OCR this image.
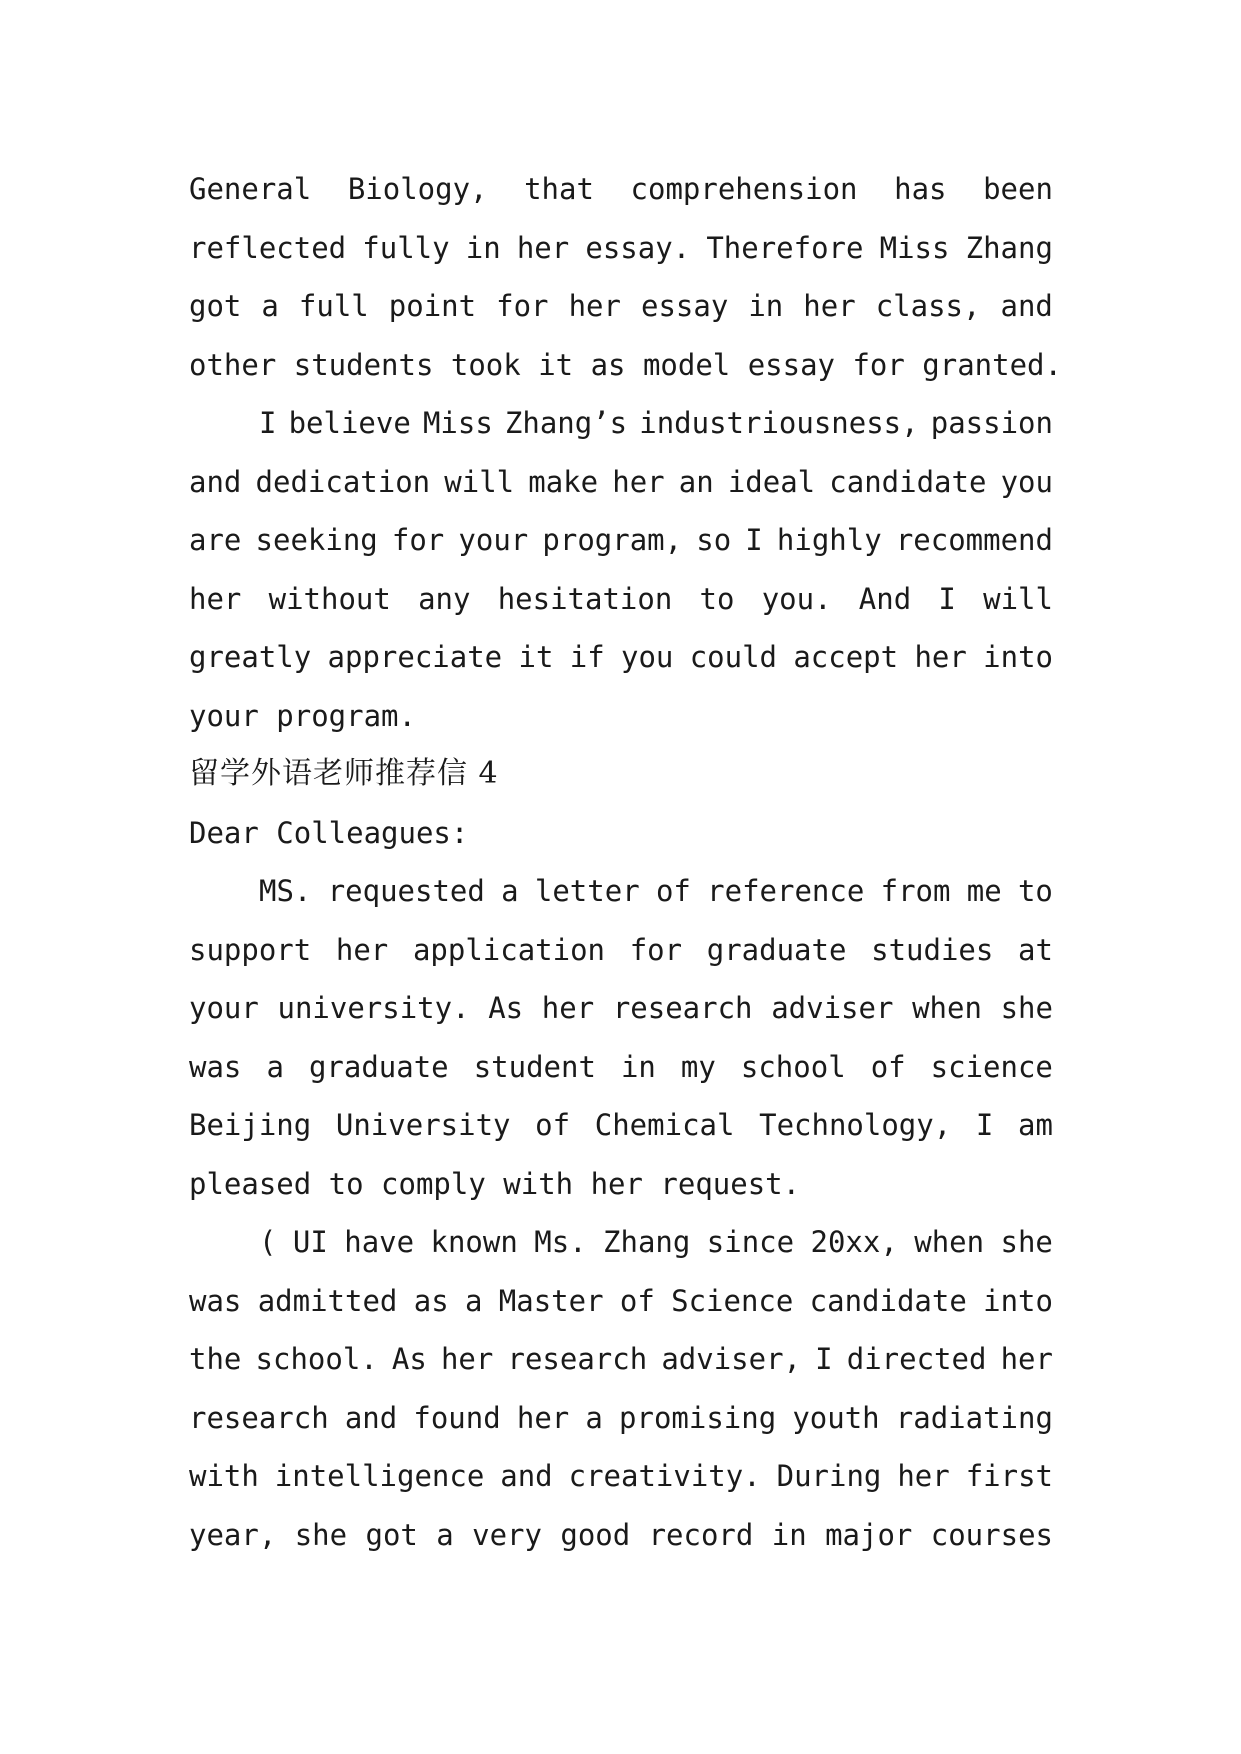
General Biology, that comprehension has been
reflected fully in her essay. Therefore Miss Zhang
got a full point for her essay in her class, and
other students took it as model essay for granted.
I believe Miss Zhang’s industriousness, passion
and dedication will make her an ideal candidate you
are seeking for your program, so I highly recommend
her without any hesitation to you. And I will
greatly appreciate it if you could accept her into
your program.
留学外语老师推荐信 4
Dear Colleagues:
MS. requested a letter of reference from me to
support her application for graduate studies at
your university. As her research adviser when she
was a graduate student in my school of science
Beijing University of Chemical Technology, I am
pleased to comply with her request.
( UI have known Ms. Zhang since 20xx, when she
was admitted as a Master of Science candidate into
the school. As her research adviser, I directed her
research and found her a promising youth radiating
with intelligence and creativity. During her first
year, she got a very good record in major courses
